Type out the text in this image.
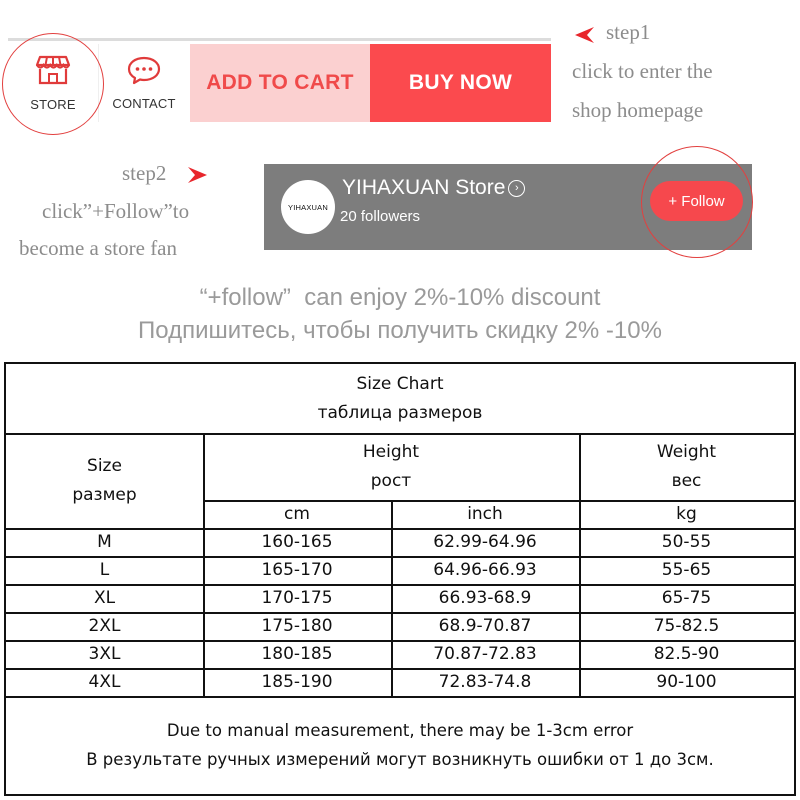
STORE	CONTACT
ADD TO CART	BUY NOW
step1
click to enter the
shop homepage
step2
click”+Follow”to
become a store fan
YIHAXUAN
YIHAXUAN Store ›
20 followers
+ Follow
“+follow”  can enjoy 2%-10% discount
Подпишитесь, чтобы получить скидку 2% -10%
Size Chart
таблица размеров
Size
размер
Height
рост
Weight
вес
cm	inch	kg
M	160-165	62.99-64.96	50-55
L	165-170	64.96-66.93	55-65
XL	170-175	66.93-68.9	65-75
2XL	175-180	68.9-70.87	75-82.5
3XL	180-185	70.87-72.83	82.5-90
4XL	185-190	72.83-74.8	90-100
Due to manual measurement, there may be 1-3cm error
В результате ручных измерений могут возникнуть ошибки от 1 до 3см.
